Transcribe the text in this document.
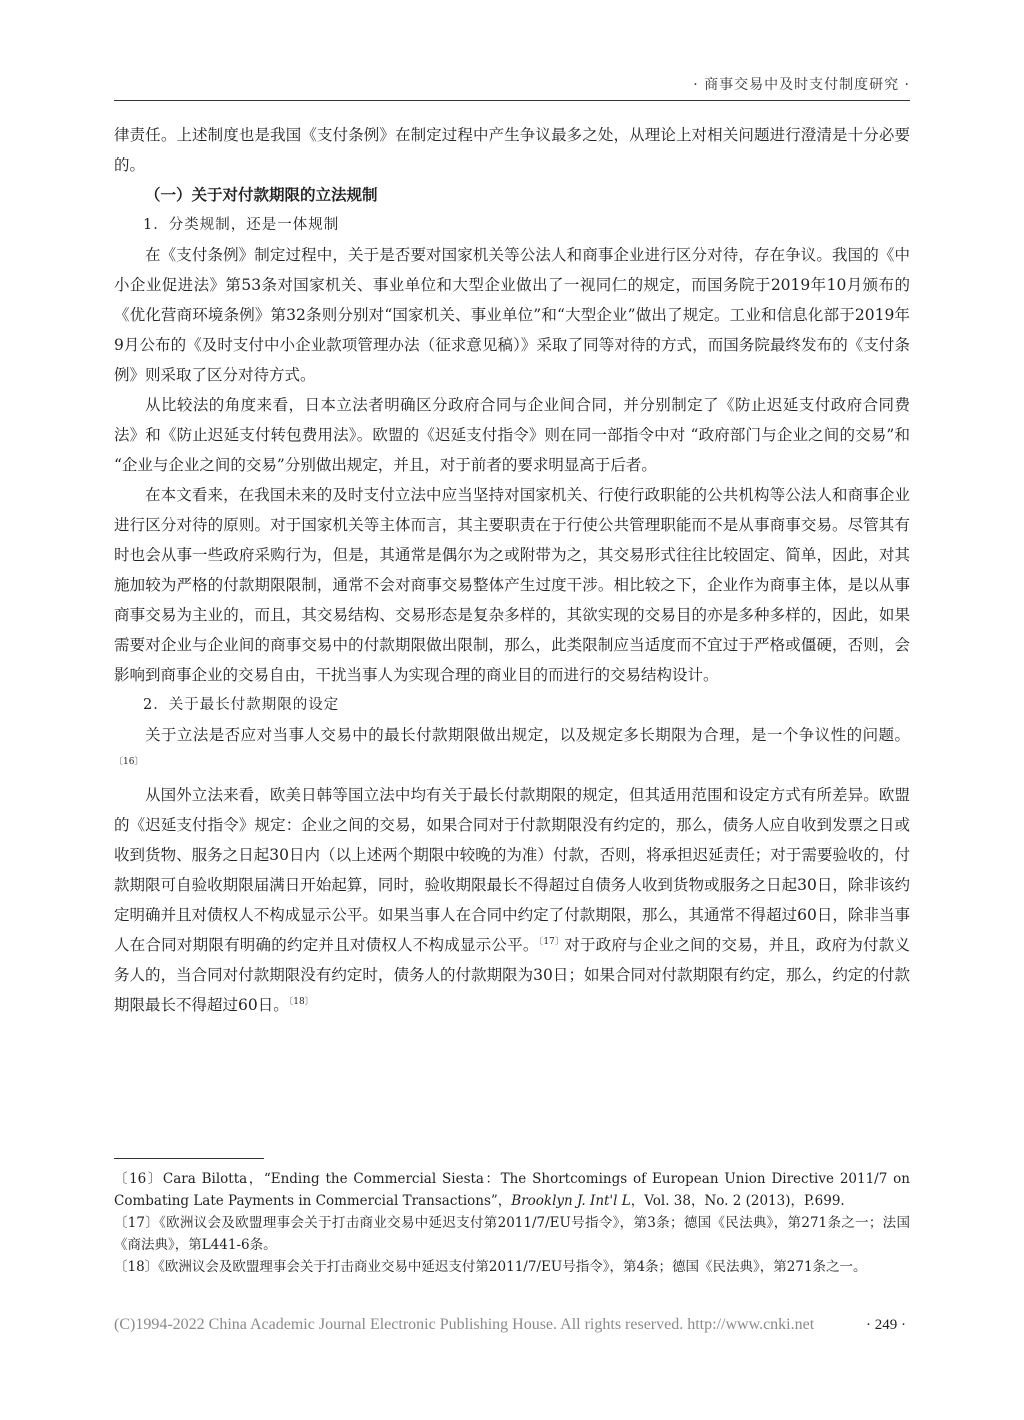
· 商事交易中及时支付制度研究 ·

律责任。上述制度也是我国《支付条例》在制定过程中产生争议最多之处，从理论上对相关问题进行澄清是十分必要的。

（一）关于对付款期限的立法规制
1．分类规制，还是一体规制

在《支付条例》制定过程中，关于是否要对国家机关等公法人和商事企业进行区分对待，存在争议。我国的《中小企业促进法》第53条对国家机关、事业单位和大型企业做出了一视同仁的规定，而国务院于2019年10月颁布的《优化营商环境条例》第32条则分别对“国家机关、事业单位”和“大型企业”做出了规定。工业和信息化部于2019年9月公布的《及时支付中小企业款项管理办法（征求意见稿）》采取了同等对待的方式，而国务院最终发布的《支付条例》则采取了区分对待方式。

从比较法的角度来看，日本立法者明确区分政府合同与企业间合同，并分别制定了《防止迟延支付政府合同费法》和《防止迟延支付转包费用法》。欧盟的《迟延支付指令》则在同一部指令中对 “政府部门与企业之间的交易”和 “企业与企业之间的交易”分别做出规定，并且，对于前者的要求明显高于后者。

在本文看来，在我国未来的及时支付立法中应当坚持对国家机关、行使行政职能的公共机构等公法人和商事企业进行区分对待的原则。对于国家机关等主体而言，其主要职责在于行使公共管理职能而不是从事商事交易。尽管其有时也会从事一些政府采购行为，但是，其通常是偶尔为之或附带为之，其交易形式往往比较固定、简单，因此，对其施加较为严格的付款期限限制，通常不会对商事交易整体产生过度干涉。相比较之下，企业作为商事主体，是以从事商事交易为主业的，而且，其交易结构、交易形态是复杂多样的，其欲实现的交易目的亦是多种多样的，因此，如果需要对企业与企业间的商事交易中的付款期限做出限制，那么，此类限制应当适度而不宜过于严格或僵硬，否则，会影响到商事企业的交易自由，干扰当事人为实现合理的商业目的而进行的交易结构设计。

2．关于最长付款期限的设定

关于立法是否应对当事人交易中的最长付款期限做出规定，以及规定多长期限为合理，是一个争议性的问题。$^{〔16〕}$

从国外立法来看，欧美日韩等国立法中均有关于最长付款期限的规定，但其适用范围和设定方式有所差异。欧盟的《迟延支付指令》规定：企业之间的交易，如果合同对于付款期限没有约定的，那么，债务人应自收到发票之日或收到货物、服务之日起30日内（以上述两个期限中较晚的为准）付款，否则，将承担迟延责任；对于需要验收的，付款期限可自验收期限届满日开始起算，同时，验收期限最长不得超过自债务人收到货物或服务之日起30日，除非该约定明确并且对债权人不构成显示公平。如果当事人在合同中约定了付款期限，那么，其通常不得超过60日，除非当事人在合同对期限有明确的约定并且对债权人不构成显示公平。$^{〔17〕}$对于政府与企业之间的交易，并且，政府为付款义务人的，当合同对付款期限没有约定时，债务人的付款期限为30日；如果合同对付款期限有约定，那么，约定的付款期限最长不得超过60日。$^{〔18〕}$

〔16〕Cara Bilotta，“Ending the Commercial Siesta：The Shortcomings of European Union Directive 2011/7 on Combating Late Payments in Commercial Transactions”，Brooklyn J. Int'l L，Vol. 38，No. 2 (2013)，P.699.
〔17〕《欧洲议会及欧盟理事会关于打击商业交易中延迟支付第2011/7/EU号指令》，第3条；德国《民法典》，第271条之一；法国《商法典》，第L441-6条。
〔18〕《欧洲议会及欧盟理事会关于打击商业交易中延迟支付第2011/7/EU号指令》，第4条；德国《民法典》，第271条之一。
(C)1994-2022 China Academic Journal Electronic Publishing House. All rights reserved. http://www.cnki.net	· 249 ·
